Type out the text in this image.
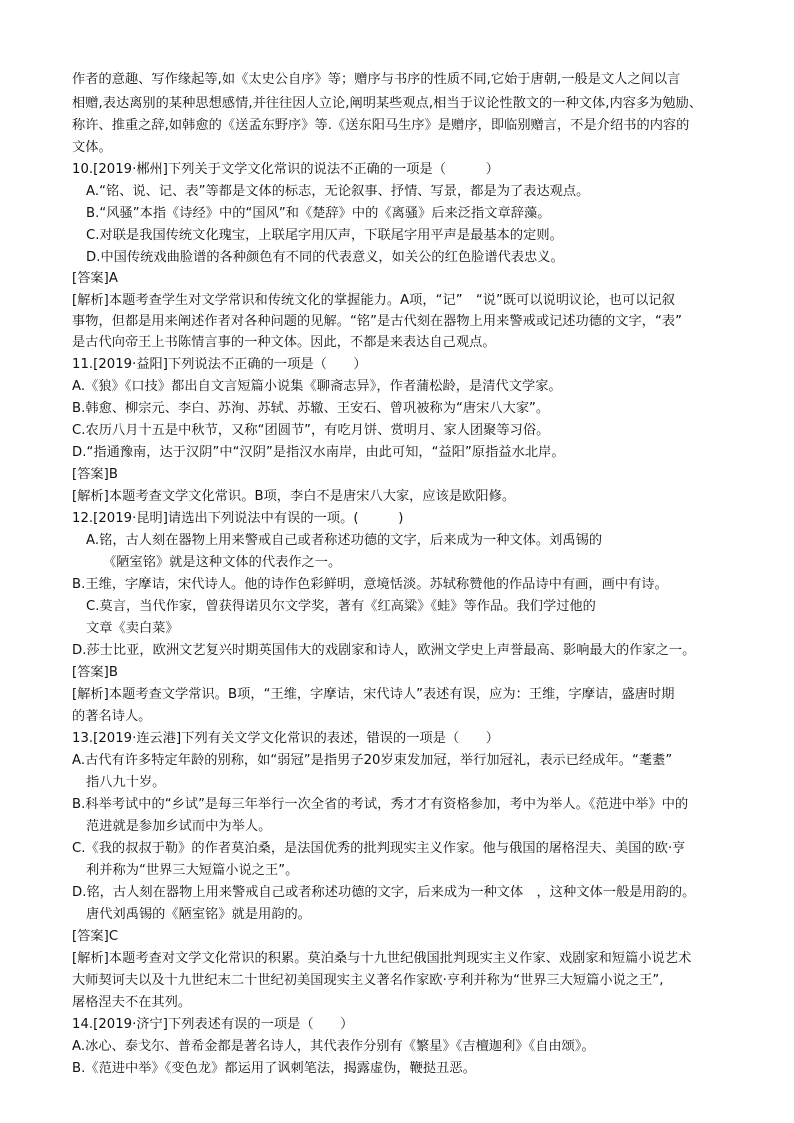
作者的意趣、写作缘起等,如《太史公自序》等；赠序与书序的性质不同,它始于唐朝,一般是文人之间以言

相赠,表达离别的某种思想感情,并往往因人立论,阐明某些观点,相当于议论性散文的一种文体,内容多为勉励、

称许、推重之辞,如韩愈的《送孟东野序》等.《送东阳马生序》是赠序，即临别赠言，不是介绍书的内容的

文体。

10.[2019·郴州]下列关于文学文化常识的说法不正确的一项是（　　　）

A.“铭、说、记、表”等都是文体的标志，无论叙事、抒情、写景，都是为了表达观点。

B.“风骚”本指《诗经》中的“国风”和《楚辞》中的《离骚》后来泛指文章辞藻。

C.对联是我国传统文化瑰宝，上联尾字用仄声，下联尾字用平声是最基本的定则。

D.中国传统戏曲脸谱的各种颜色有不同的代表意义，如关公的红色脸谱代表忠义。

[答案]A

[解析]本题考查学生对文学常识和传统文化的掌握能力。A项，“记”　“说”既可以说明议论，也可以记叙

事物，但都是用来阐述作者对各种问题的见解。“铭”是古代刻在器物上用来警戒或记述功德的文字，“表”

是古代向帝王上书陈情言事的一种文体。因此，不都是来表达自己观点。

11.[2019·益阳]下列说法不正确的一项是（　　）

A.《狼》《口技》都出自文言短篇小说集《聊斋志异》，作者蒲松龄，是清代文学家。

B.韩愈、柳宗元、李白、苏洵、苏轼、苏辙、王安石、曾巩被称为“唐宋八大家”。

C.农历八月十五是中秋节，又称“团圆节”，有吃月饼、赏明月、家人团聚等习俗。

D.“指通豫南，达于汉阴”中“汉阴”是指汉水南岸，由此可知，“益阳”原指益水北岸。

[答案]B

[解析]本题考查文学文化常识。B项，李白不是唐宋八大家，应该是欧阳修。

12.[2019·昆明]请选出下列说法中有误的一项。(　　　)

A.铭，古人刻在器物上用来警戒自己或者称述功德的文字，后来成为一种文体。刘禹锡的

《陋室铭》就是这种文体的代表作之一。

B.王维，字摩诘，宋代诗人。他的诗作色彩鲜明，意境恬淡。苏轼称赞他的作品诗中有画，画中有诗。

C.莫言，当代作家，曾获得诺贝尔文学奖，著有《红高粱》《蛙》等作品。我们学过他的

文章《卖白菜》

D.莎士比亚，欧洲文艺复兴时期英国伟大的戏剧家和诗人，欧洲文学史上声誉最高、影响最大的作家之一。

[答案]B

[解析]本题考查文学常识。B项，“王维，字摩诘，宋代诗人”表述有误，应为：王维，字摩诘，盛唐时期

的著名诗人。

13.[2019·连云港]下列有关文学文化常识的表述，错误的一项是（　　）

A.古代有许多特定年龄的别称，如“弱冠”是指男子20岁束发加冠，举行加冠礼，表示已经成年。“耄耋”

指八九十岁。

B.科举考试中的“乡试”是每三年举行一次全省的考试，秀才才有资格参加，考中为举人。《范进中举》中的

范进就是参加乡试而中为举人。

C.《我的叔叔于勒》的作者莫泊桑，是法国优秀的批判现实主义作家。他与俄国的屠格涅夫、美国的欧·亨

利并称为“世界三大短篇小说之王”。

D.铭，古人刻在器物上用来警戒自己或者称述功德的文字，后来成为一种文体　，这种文体一般是用韵的。

唐代刘禹锡的《陋室铭》就是用韵的。

[答案]C

[解析]本题考查对文学文化常识的积累。莫泊桑与十九世纪俄国批判现实主义作家、戏剧家和短篇小说艺术

大师契诃夫以及十九世纪末二十世纪初美国现实主义著名作家欧·亨利并称为“世界三大短篇小说之王”,

屠格涅夫不在其列。

14.[2019·济宁]下列表述有误的一项是（　　）

A.冰心、泰戈尔、普希金都是著名诗人，其代表作分别有《繁星》《吉檀迦利》《自由颂》。

B.《范进中举》《变色龙》都运用了讽刺笔法，揭露虚伪，鞭挞丑恶。
